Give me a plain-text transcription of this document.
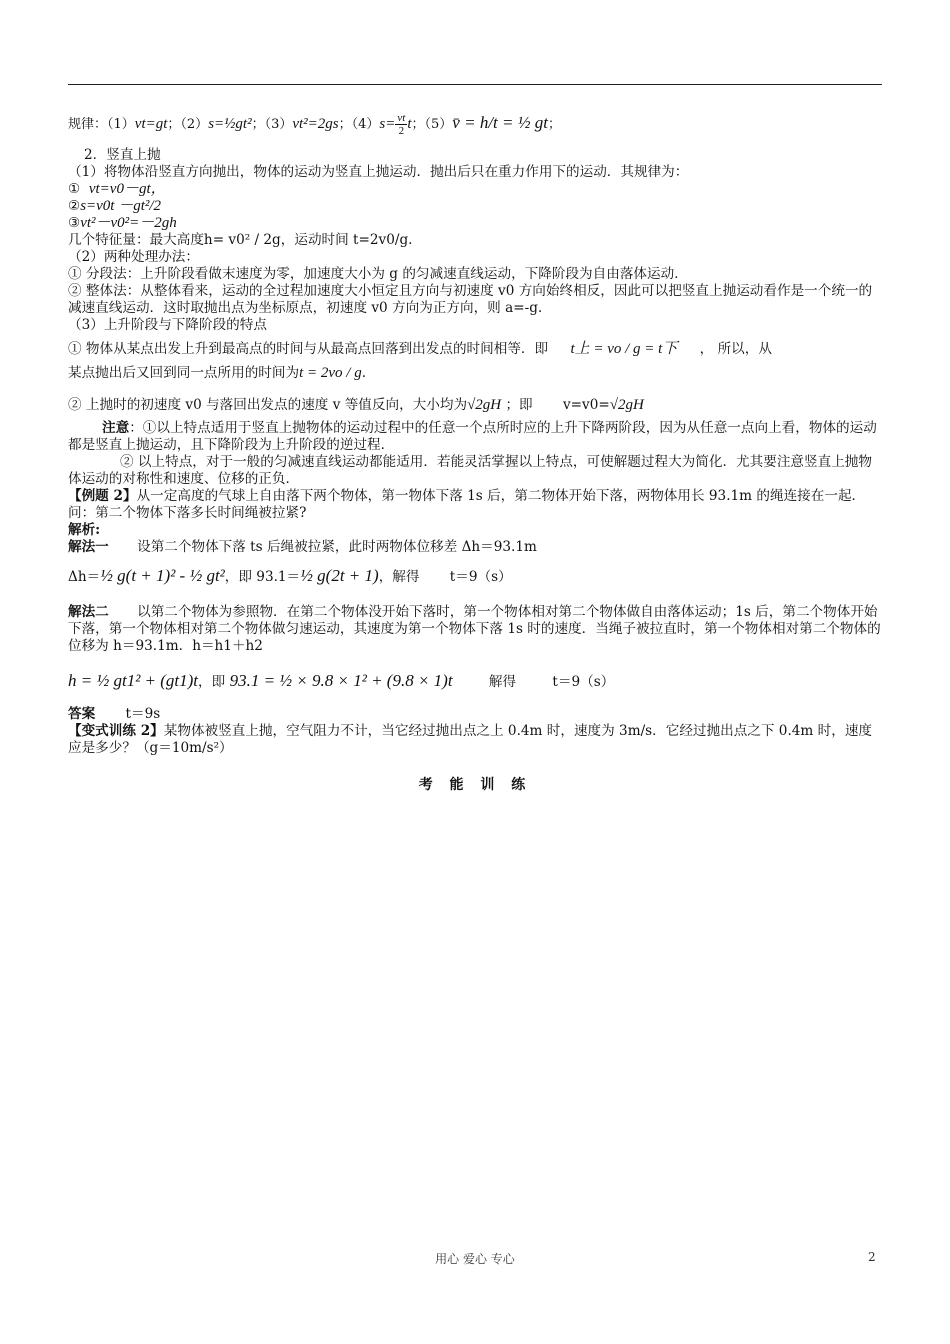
规律：（1）vt=gt；（2）s=½gt²；（3）vt²=2gs；$(4)s= \frac{vt}{2}$ t；（5）v̄ = h/t = ½ gt；
2．竖直上抛
（1）将物体沿竖直方向抛出，物体的运动为竖直上抛运动．抛出后只在重力作用下的运动．其规律为：
① vt=v0－gt，
②s=v0t －gt²/2
③vt²－v0²=－2gh
几个特征量：最大高度h= v0² / 2g，运动时间 t=2v0/g.
（2）两种处理办法：
① 分段法：上升阶段看做末速度为零，加速度大小为 g 的匀减速直线运动，下降阶段为自由落体运动．
② 整体法：从整体看来，运动的全过程加速度大小恒定且方向与初速度 v0 方向始终相反，因此可以把竖直上抛运动看作是一个统一的减速直线运动．这时取抛出点为坐标原点，初速度 v0 方向为正方向，则 a=-g.
（3）上升阶段与下降阶段的特点
① 物体从某点出发上升到最高点的时间与从最高点回落到出发点的时间相等．即 t上 = vo / g = t下 ， 所以，从
某点抛出后又回到同一点所用的时间为t = 2vo / g.
② 上抛时的初速度 v0 与落回出发点的速度 v 等值反向，大小均为√2gH ；即 v=v0=√2gH
注意：①以上特点适用于竖直上抛物体的运动过程中的任意一个点所时应的上升下降两阶段，因为从任意一点向上看，物体的运动都是竖直上抛运动，且下降阶段为上升阶段的逆过程．
② 以上特点，对于一般的匀减速直线运动都能适用．若能灵活掌握以上特点，可使解题过程大为简化．尤其要注意竖直上抛物体运动的对称性和速度、位移的正负．
【例题 2】从一定高度的气球上自由落下两个物体，第一物体下落 1s 后，第二物体开始下落，两物体用长 93.1m 的绳连接在一起．问：第二个物体下落多长时间绳被拉紧?
解析:
解法一 设第二个物体下落 ts 后绳被拉紧，此时两物体位移差 Δh＝93.1m
Δh＝½ g(t + 1)² - ½ gt²，即 93.1＝½ g(2t + 1)，解得 t＝9（s）
解法二 以第二个物体为参照物．在第二个物体没开始下落时，第一个物体相对第二个物体做自由落体运动；1s 后，第二个物体开始下落，第一个物体相对第二个物体做匀速运动，其速度为第一个物体下落 1s 时的速度．当绳子被拉直时，第一个物体相对第二个物体的位移为 h＝93.1m．h＝h1＋h2
h = ½ gt1² + (gt1)t，即 93.1 = ½ × 9.8 × 1² + (9.8 × 1)t	解得	t＝9（s）
答案 t＝9s
【变式训练 2】某物体被竖直上抛，空气阻力不计，当它经过抛出点之上 0.4m 时，速度为 3m/s．它经过抛出点之下 0.4m 时，速度应是多少？（g＝10m/s²）
考 能 训 练
用心 爱心 专心	2
